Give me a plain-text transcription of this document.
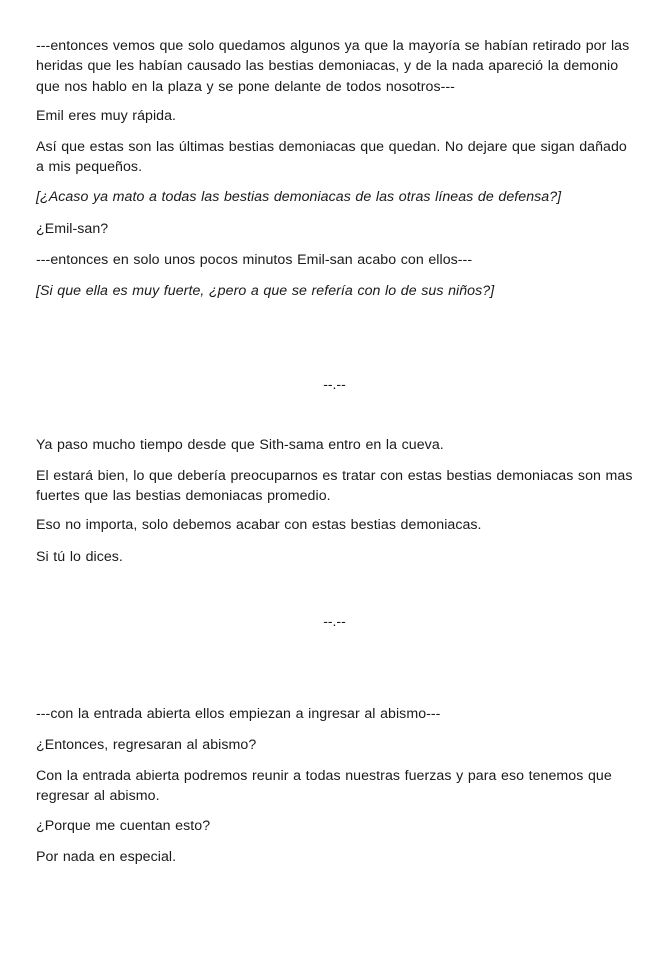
---entonces vemos que solo quedamos algunos ya que la mayoría se habían retirado por las heridas que les habían causado las bestias demoniacas, y de la nada apareció la demonio que nos hablo en la plaza y se pone delante de todos nosotros---

Emil eres muy rápida.

Así que estas son las últimas bestias demoniacas que quedan. No dejare que sigan dañado a mis pequeños.

[¿Acaso ya mato a todas las bestias demoniacas de las otras líneas de defensa?]

¿Emil-san?

---entonces en solo unos pocos minutos Emil-san acabo con ellos---

[Si que ella es muy fuerte, ¿pero a que se refería con lo de sus niños?]

--.--

Ya paso mucho tiempo desde que Sith-sama entro en la cueva.

El estará bien, lo que debería preocuparnos es tratar con estas bestias demoniacas son mas fuertes que las bestias demoniacas promedio.

Eso no importa, solo debemos acabar con estas bestias demoniacas.

Si tú lo dices.

--.--

---con la entrada abierta ellos empiezan a ingresar al abismo---

¿Entonces, regresaran al abismo?

Con la entrada abierta podremos reunir a todas nuestras fuerzas y para eso tenemos que regresar al abismo.

¿Porque me cuentan esto?

Por nada en especial.
